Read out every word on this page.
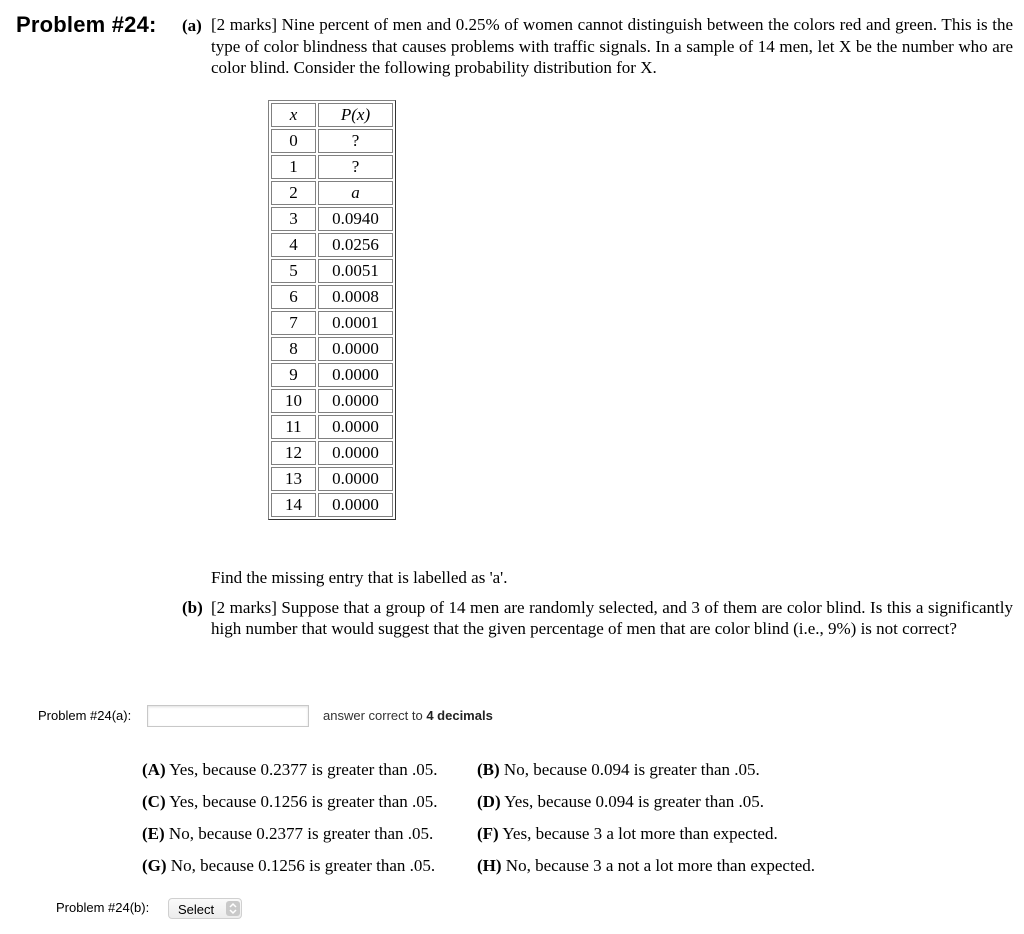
Problem #24: (a) [2 marks] Nine percent of men and 0.25% of women cannot distinguish between the colors red and green. This is the type of color blindness that causes problems with traffic signals. In a sample of 14 men, let X be the number who are color blind. Consider the following probability distribution for X.
x	P(x)
0	?
1	?
2	a
3	0.0940
4	0.0256
5	0.0051
6	0.0008
7	0.0001
8	0.0000
9	0.0000
10	0.0000
11	0.0000
12	0.0000
13	0.0000
14	0.0000
Find the missing entry that is labelled as 'a'.
(b) [2 marks] Suppose that a group of 14 men are randomly selected, and 3 of them are color blind. Is this a significantly high number that would suggest that the given percentage of men that are color blind (i.e., 9%) is not correct?
Problem #24(a):	answer correct to 4 decimals
(A) Yes, because 0.2377 is greater than .05. (B) No, because 0.094 is greater than .05.
(C) Yes, because 0.1256 is greater than .05. (D) Yes, because 0.094 is greater than .05.
(E) No, because 0.2377 is greater than .05.	(F) Yes, because 3 a lot more than expected.
(G) No, because 0.1256 is greater than .05. (H) No, because 3 a not a lot more than expected.
Problem #24(b): Select
